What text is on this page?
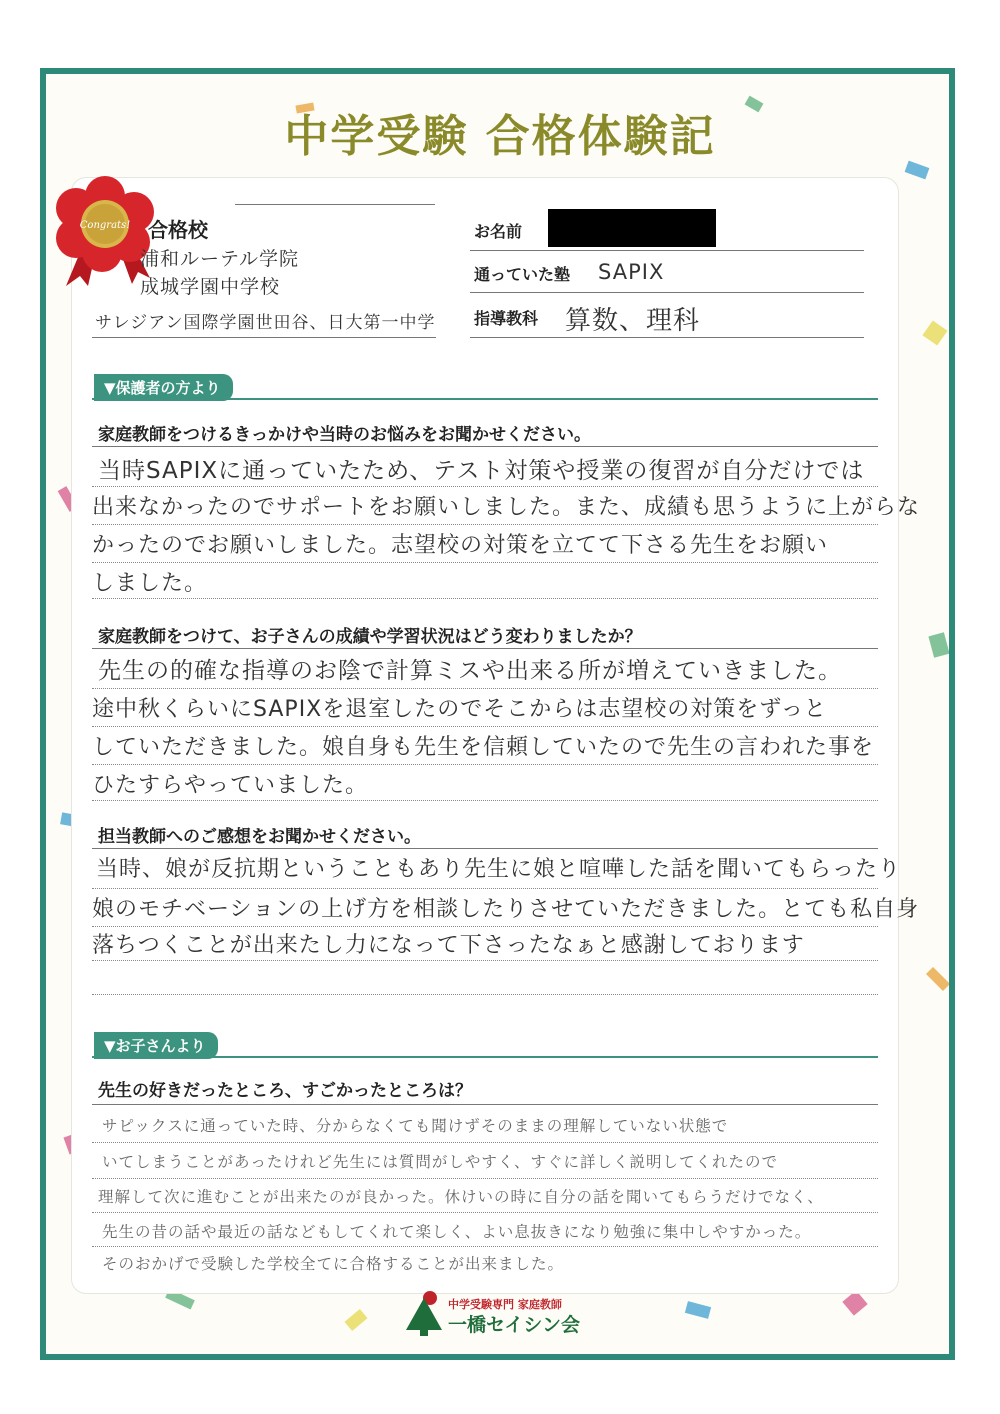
中学受験 合格体験記
Congrats! 合格校
浦和ルーテル学院
成城学園中学校
サレジアン国際学園世田谷、日大第一中学
お名前
通っていた塾 SAPIX
指導教科 算数、理科
▼保護者の方より
家庭教師をつけるきっかけや当時のお悩みをお聞かせください。
当時SAPIXに通っていたため、テスト対策や授業の復習が自分だけでは
出来なかったのでサポートをお願いしました。また、成績も思うように上がらな
かったのでお願いしました。志望校の対策を立てて下さる先生をお願い
しました。
家庭教師をつけて、お子さんの成績や学習状況はどう変わりましたか？
先生の的確な指導のお陰で計算ミスや出来る所が増えていきました。
途中秋くらいにSAPIXを退室したのでそこからは志望校の対策をずっと
していただきました。娘自身も先生を信頼していたので先生の言われた事を
ひたすらやっていました。
担当教師へのご感想をお聞かせください。
当時、娘が反抗期ということもあり先生に娘と喧嘩した話を聞いてもらったり
娘のモチベーションの上げ方を相談したりさせていただきました。とても私自身
落ちつくことが出来たし力になって下さったなぁと感謝しております
▼お子さんより
先生の好きだったところ、すごかったところは？
サピックスに通っていた時、分からなくても聞けずそのままの理解していない状態で
いてしまうことがあったけれど先生には質問がしやすく、すぐに詳しく説明してくれたので
理解して次に進むことが出来たのが良かった。休けいの時に自分の話を聞いてもらうだけでなく、
先生の昔の話や最近の話などもしてくれて楽しく、よい息抜きになり勉強に集中しやすかった。
そのおかげで受験した学校全てに合格することが出来ました。
中学受験専門 家庭教師
一橋セイシン会
